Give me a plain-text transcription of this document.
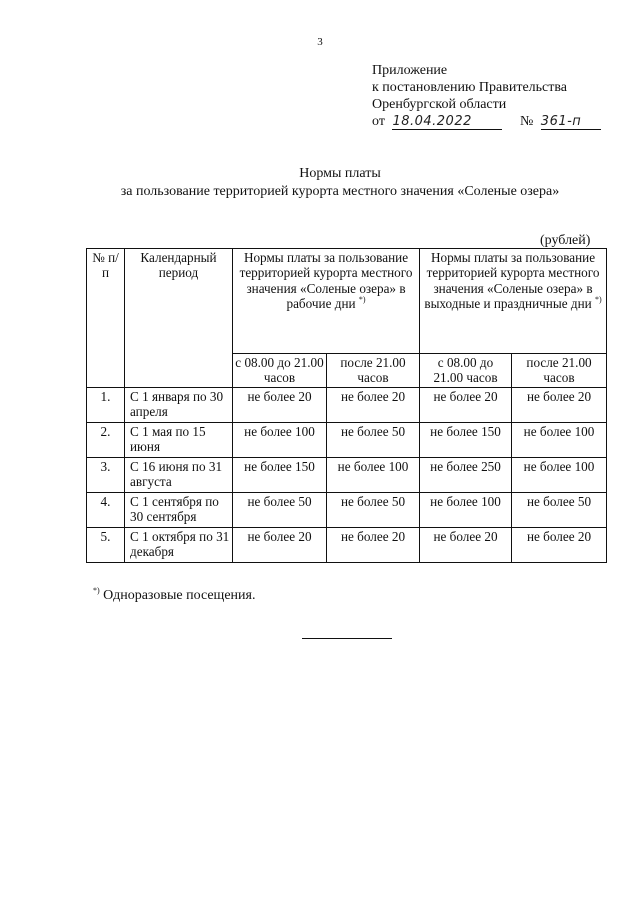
3
Приложение
к постановлению Правительства
Оренбургской области
от 18.04.2022	№ 361-п
Нормы платы
за пользование территорией курорта местного значения «Соленые озера»
(рублей)
№ п/п	Календарный период	Нормы платы за пользование территорией курорта местного значения «Соленые озера» в рабочие дни *)		Нормы платы за пользование территорией курорта местного значения «Соленые озера» в выходные и праздничные дни *)
		с 08.00 до 21.00 часов	после 21.00 часов	с 08.00 до 21.00 часов	после 21.00 часов
1.	С 1 января по 30 апреля	не более 20	не более 20	не более 20	не более 20
2.	С 1 мая по 15 июня	не более 100	не более 50	не более 150	не более 100
3.	С 16 июня по 31 августа	не более 150	не более 100	не более 250	не более 100
4.	С 1 сентября по 30 сентября	не более 50	не более 50	не более 100	не более 50
5.	С 1 октября по 31 декабря	не более 20	не более 20	не более 20	не более 20
*) Одноразовые посещения.
